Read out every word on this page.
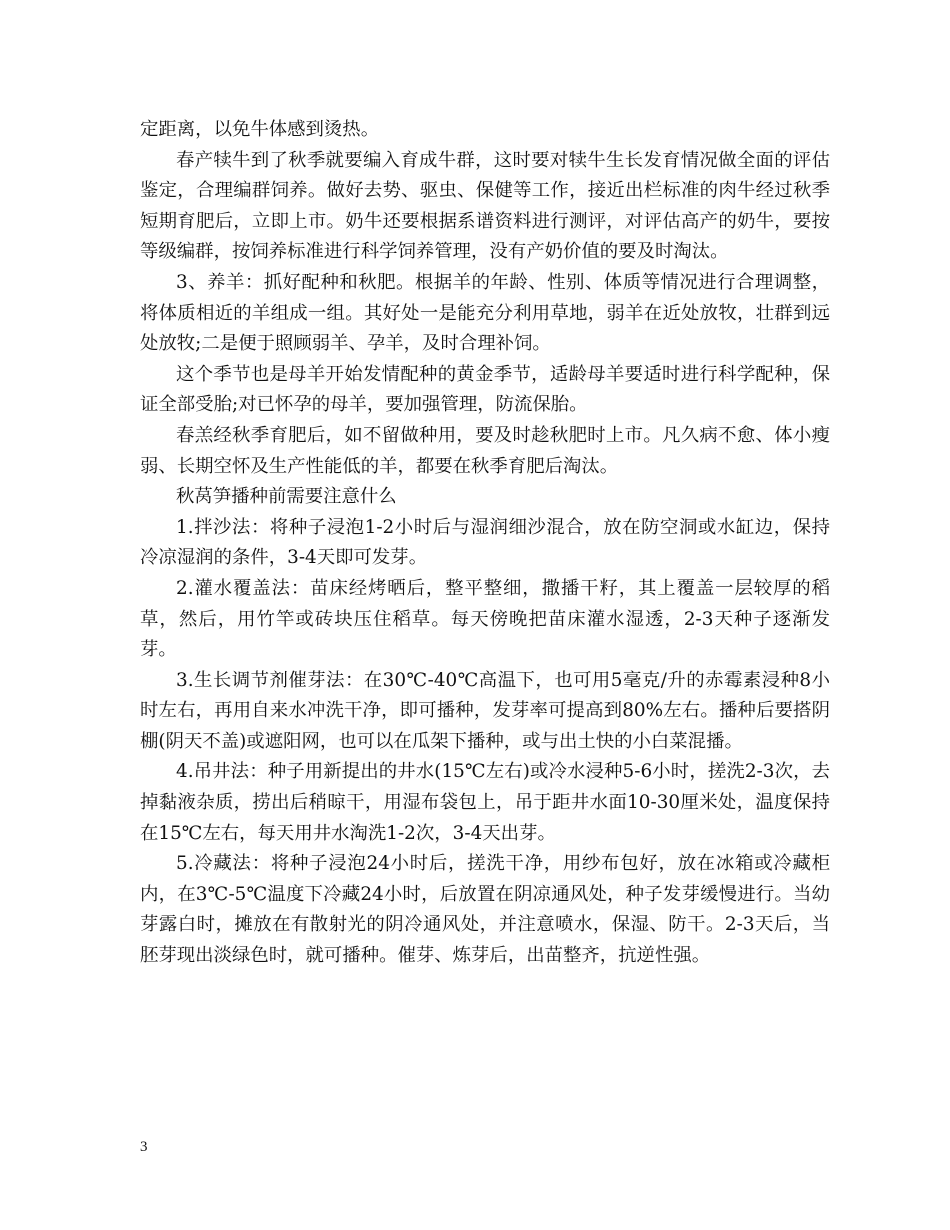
定距离，以免牛体感到烫热。

春产犊牛到了秋季就要编入育成牛群，这时要对犊牛生长发育情况做全面的评估鉴定，合理编群饲养。做好去势、驱虫、保健等工作，接近出栏标准的肉牛经过秋季短期育肥后，立即上市。奶牛还要根据系谱资料进行测评，对评估高产的奶牛，要按等级编群，按饲养标准进行科学饲养管理，没有产奶价值的要及时淘汰。

3、养羊：抓好配种和秋肥。根据羊的年龄、性别、体质等情况进行合理调整，将体质相近的羊组成一组。其好处一是能充分利用草地，弱羊在近处放牧，壮群到远处放牧;二是便于照顾弱羊、孕羊，及时合理补饲。

这个季节也是母羊开始发情配种的黄金季节，适龄母羊要适时进行科学配种，保证全部受胎;对已怀孕的母羊，要加强管理，防流保胎。

春羔经秋季育肥后，如不留做种用，要及时趁秋肥时上市。凡久病不愈、体小瘦弱、长期空怀及生产性能低的羊，都要在秋季育肥后淘汰。

秋莴笋播种前需要注意什么

1.拌沙法：将种子浸泡1-2小时后与湿润细沙混合，放在防空洞或水缸边，保持冷凉湿润的条件，3-4天即可发芽。

2.灌水覆盖法：苗床经烤晒后，整平整细，撒播干籽，其上覆盖一层较厚的稻草，然后，用竹竿或砖块压住稻草。每天傍晚把苗床灌水湿透，2-3天种子逐渐发芽。

3.生长调节剂催芽法：在30℃-40℃高温下，也可用5毫克/升的赤霉素浸种8小时左右，再用自来水冲洗干净，即可播种，发芽率可提高到80%左右。播种后要搭阴棚(阴天不盖)或遮阳网，也可以在瓜架下播种，或与出土快的小白菜混播。

4.吊井法：种子用新提出的井水(15℃左右)或冷水浸种5-6小时，搓洗2-3次，去掉黏液杂质，捞出后稍晾干，用湿布袋包上，吊于距井水面10-30厘米处，温度保持在15℃左右，每天用井水淘洗1-2次，3-4天出芽。

5.冷藏法：将种子浸泡24小时后，搓洗干净，用纱布包好，放在冰箱或冷藏柜内，在3℃-5℃温度下冷藏24小时，后放置在阴凉通风处，种子发芽缓慢进行。当幼芽露白时，摊放在有散射光的阴冷通风处，并注意喷水，保湿、防干。2-3天后，当胚芽现出淡绿色时，就可播种。催芽、炼芽后，出苗整齐，抗逆性强。

3
